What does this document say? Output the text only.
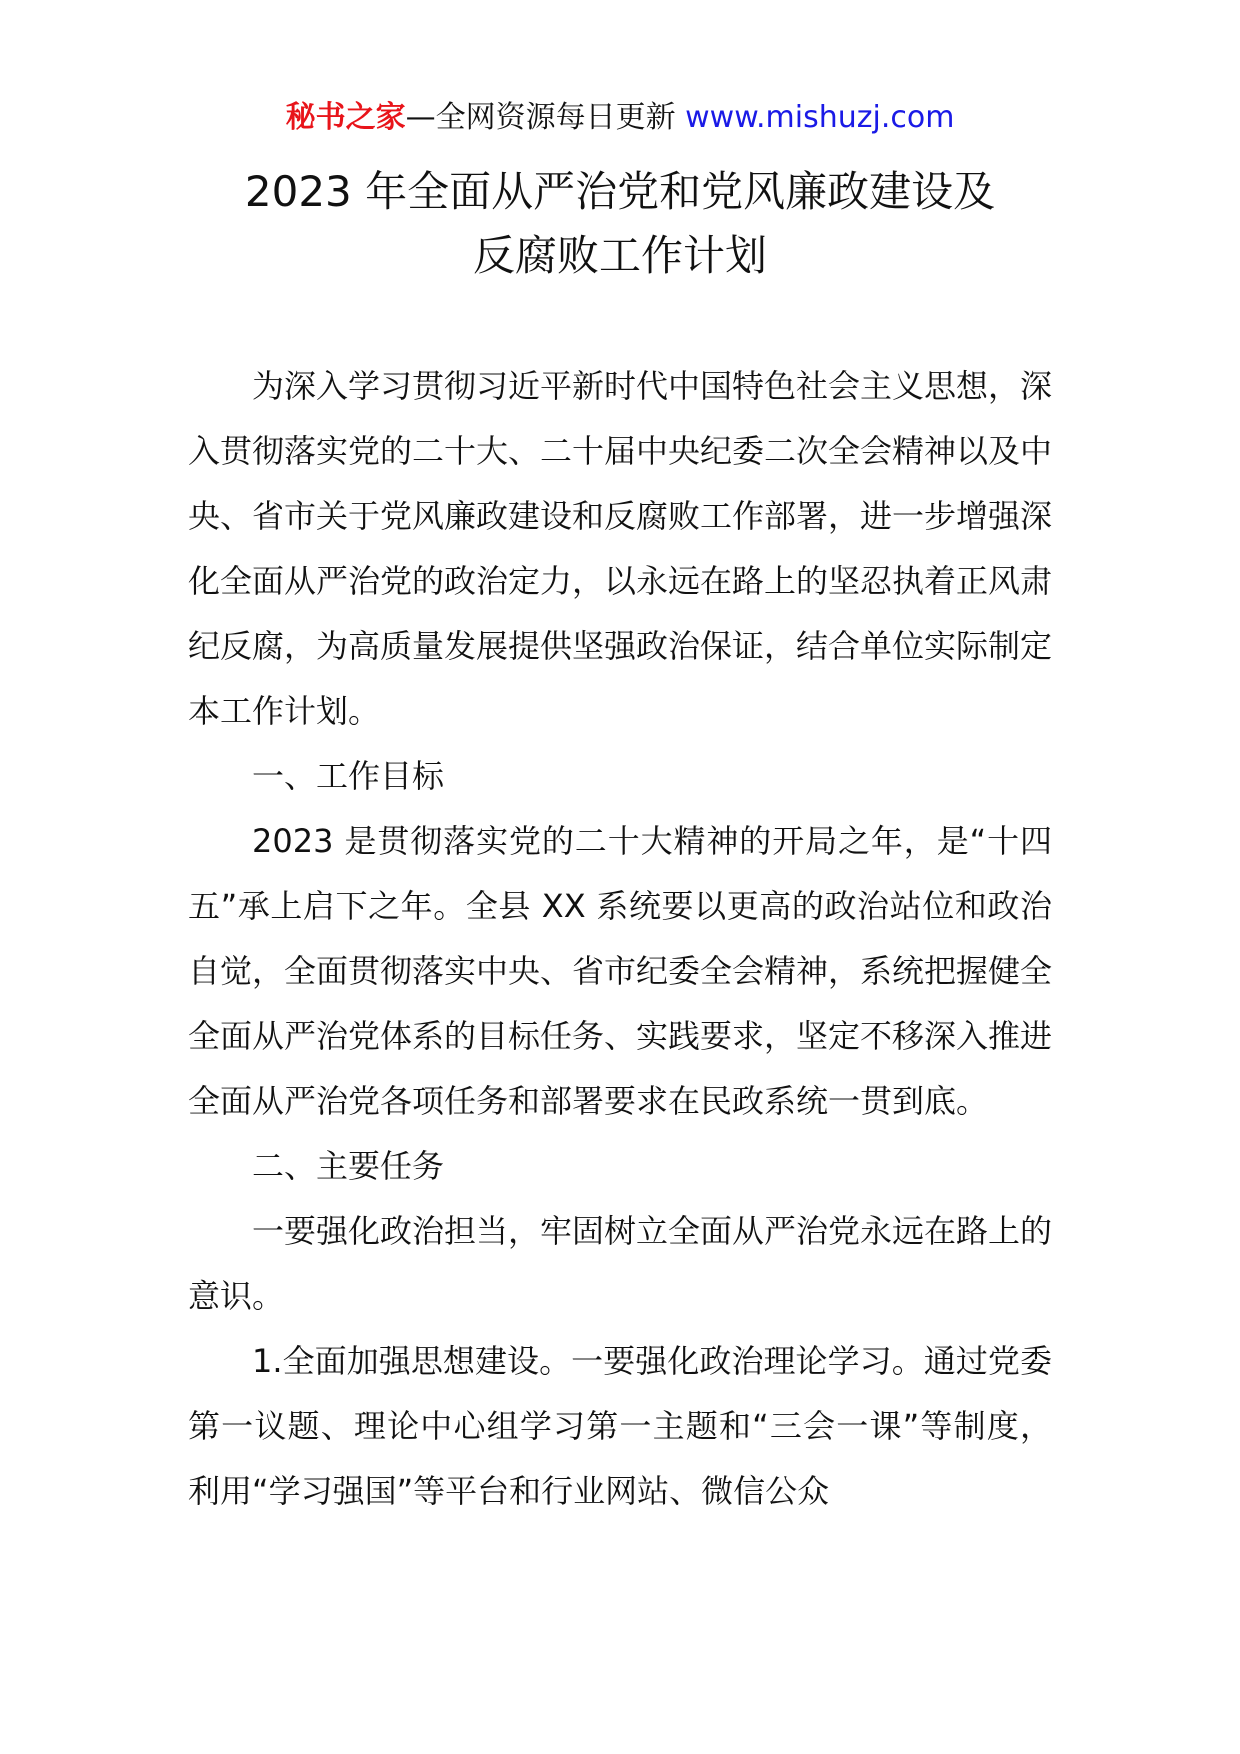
秘书之家—全网资源每日更新 www.mishuzj.com
2023 年全面从严治党和党风廉政建设及
反腐败工作计划

为深入学习贯彻习近平新时代中国特色社会主义思想，深入贯彻落实党的二十大、二十届中央纪委二次全会精神以及中央、省市关于党风廉政建设和反腐败工作部署，进一步增强深化全面从严治党的政治定力，以永远在路上的坚忍执着正风肃纪反腐，为高质量发展提供坚强政治保证，结合单位实际制定本工作计划。

一、工作目标

2023 是贯彻落实党的二十大精神的开局之年，是“十四五”承上启下之年。全县 XX 系统要以更高的政治站位和政治自觉，全面贯彻落实中央、省市纪委全会精神，系统把握健全全面从严治党体系的目标任务、实践要求，坚定不移深入推进全面从严治党各项任务和部署要求在民政系统一贯到底。

二、主要任务

一要强化政治担当，牢固树立全面从严治党永远在路上的意识。

1.全面加强思想建设。一要强化政治理论学习。通过党委第一议题、理论中心组学习第一主题和“三会一课”等制度，利用“学习强国”等平台和行业网站、微信公众
